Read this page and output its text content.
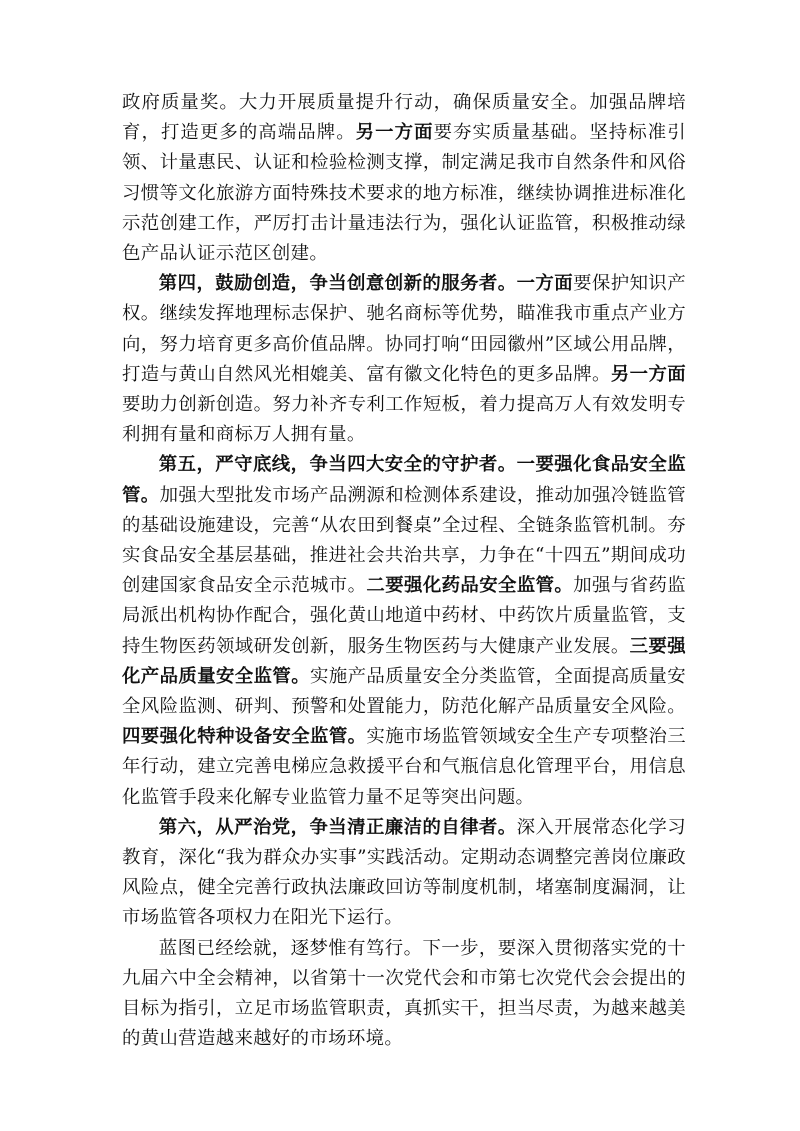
政府质量奖。大力开展质量提升行动，确保质量安全。加强品牌培育，打造更多的高端品牌。另一方面要夯实质量基础。坚持标准引领、计量惠民、认证和检验检测支撑，制定满足我市自然条件和风俗习惯等文化旅游方面特殊技术要求的地方标准，继续协调推进标准化示范创建工作，严厉打击计量违法行为，强化认证监管，积极推动绿色产品认证示范区创建。

第四，鼓励创造，争当创意创新的服务者。一方面要保护知识产权。继续发挥地理标志保护、驰名商标等优势，瞄准我市重点产业方向，努力培育更多高价值品牌。协同打响“田园徽州”区域公用品牌，打造与黄山自然风光相媲美、富有徽文化特色的更多品牌。另一方面要助力创新创造。努力补齐专利工作短板，着力提高万人有效发明专利拥有量和商标万人拥有量。

第五，严守底线，争当四大安全的守护者。一要强化食品安全监管。加强大型批发市场产品溯源和检测体系建设，推动加强冷链监管的基础设施建设，完善“从农田到餐桌”全过程、全链条监管机制。夯实食品安全基层基础，推进社会共治共享，力争在“十四五”期间成功创建国家食品安全示范城市。二要强化药品安全监管。加强与省药监局派出机构协作配合，强化黄山地道中药材、中药饮片质量监管，支持生物医药领域研发创新，服务生物医药与大健康产业发展。三要强化产品质量安全监管。实施产品质量安全分类监管，全面提高质量安全风险监测、研判、预警和处置能力，防范化解产品质量安全风险。四要强化特种设备安全监管。实施市场监管领域安全生产专项整治三年行动，建立完善电梯应急救援平台和气瓶信息化管理平台，用信息化监管手段来化解专业监管力量不足等突出问题。

第六，从严治党，争当清正廉洁的自律者。深入开展常态化学习教育，深化“我为群众办实事”实践活动。定期动态调整完善岗位廉政风险点，健全完善行政执法廉政回访等制度机制，堵塞制度漏洞，让市场监管各项权力在阳光下运行。

蓝图已经绘就，逐梦惟有笃行。下一步，要深入贯彻落实党的十九届六中全会精神，以省第十一次党代会和市第七次党代会会提出的目标为指引，立足市场监管职责，真抓实干，担当尽责，为越来越美的黄山营造越来越好的市场环境。
